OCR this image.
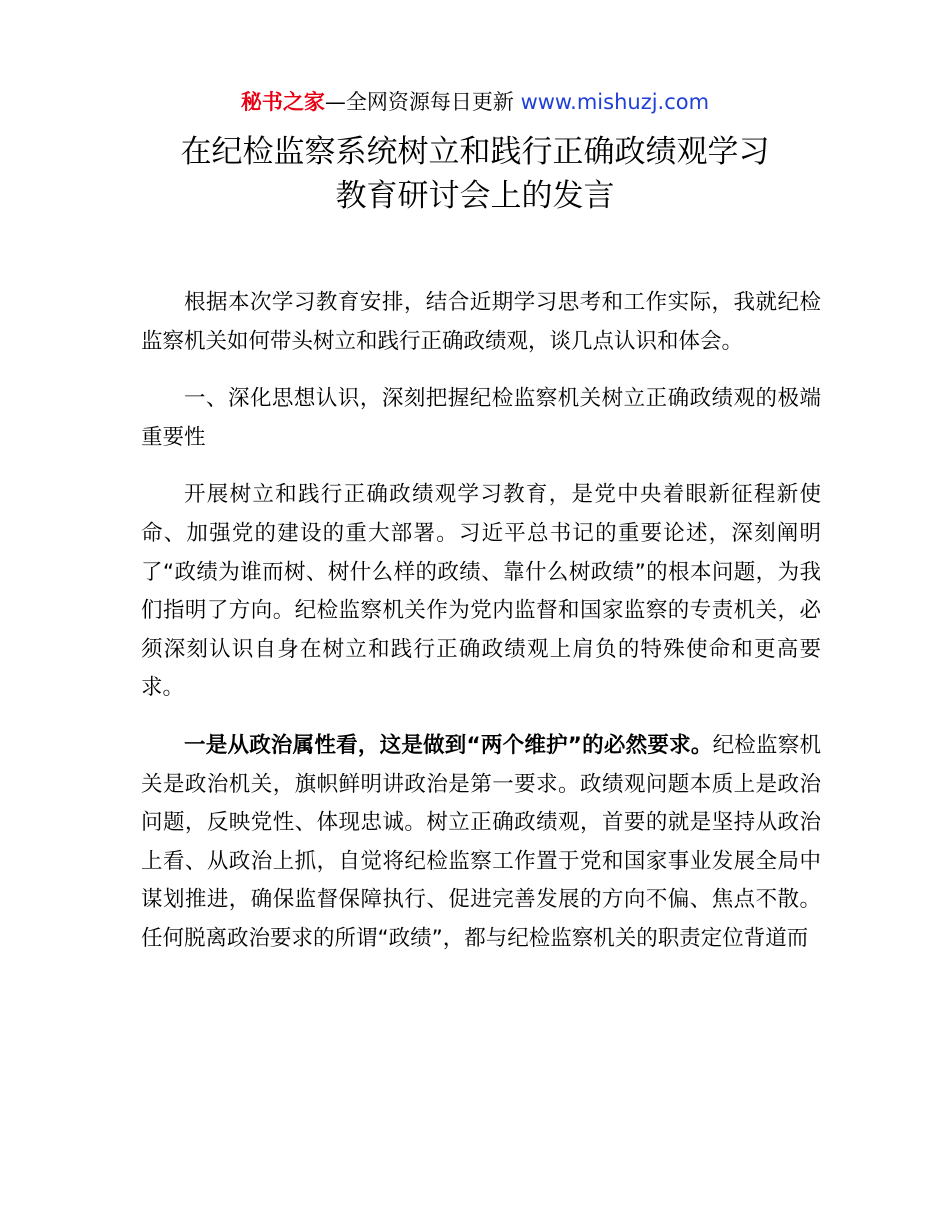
秘书之家—全网资源每日更新 www.mishuzj.com
在纪检监察系统树立和践行正确政绩观学习
教育研讨会上的发言

根据本次学习教育安排，结合近期学习思考和工作实际，我就纪检监察机关如何带头树立和践行正确政绩观，谈几点认识和体会。

一、深化思想认识，深刻把握纪检监察机关树立正确政绩观的极端重要性

开展树立和践行正确政绩观学习教育，是党中央着眼新征程新使命、加强党的建设的重大部署。习近平总书记的重要论述，深刻阐明了“政绩为谁而树、树什么样的政绩、靠什么树政绩”的根本问题，为我们指明了方向。纪检监察机关作为党内监督和国家监察的专责机关，必须深刻认识自身在树立和践行正确政绩观上肩负的特殊使命和更高要求。

一是从政治属性看，这是做到“两个维护”的必然要求。纪检监察机关是政治机关，旗帜鲜明讲政治是第一要求。政绩观问题本质上是政治问题，反映党性、体现忠诚。树立正确政绩观，首要的就是坚持从政治上看、从政治上抓，自觉将纪检监察工作置于党和国家事业发展全局中谋划推进，确保监督保障执行、促进完善发展的方向不偏、焦点不散。任何脱离政治要求的所谓“政绩”，都与纪检监察机关的职责定位背道而
